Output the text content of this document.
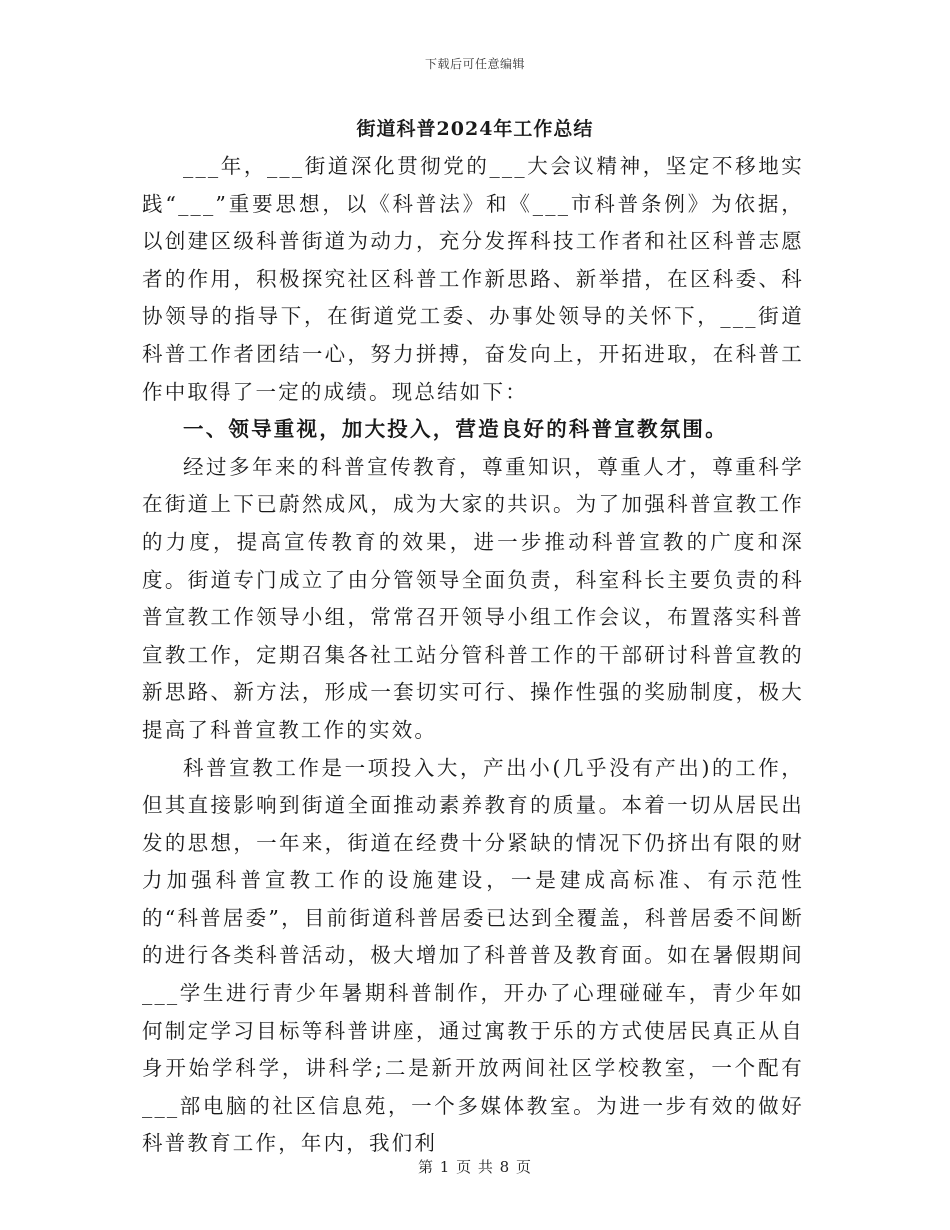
下载后可任意编辑
街道科普2024年工作总结

___年，___街道深化贯彻党的___大会议精神，坚定不移地实践“___”重要思想，以《科普法》和《___市科普条例》为依据，以创建区级科普街道为动力，充分发挥科技工作者和社区科普志愿者的作用，积极探究社区科普工作新思路、新举措，在区科委、科协领导的指导下，在街道党工委、办事处领导的关怀下，___街道科普工作者团结一心，努力拼搏，奋发向上，开拓进取，在科普工作中取得了一定的成绩。现总结如下：

一、领导重视，加大投入，营造良好的科普宣教氛围。

经过多年来的科普宣传教育，尊重知识，尊重人才，尊重科学在街道上下已蔚然成风，成为大家的共识。为了加强科普宣教工作的力度，提高宣传教育的效果，进一步推动科普宣教的广度和深度。街道专门成立了由分管领导全面负责，科室科长主要负责的科普宣教工作领导小组，常常召开领导小组工作会议，布置落实科普宣教工作，定期召集各社工站分管科普工作的干部研讨科普宣教的新思路、新方法，形成一套切实可行、操作性强的奖励制度，极大提高了科普宣教工作的实效。

科普宣教工作是一项投入大，产出小(几乎没有产出)的工作，但其直接影响到街道全面推动素养教育的质量。本着一切从居民出发的思想，一年来，街道在经费十分紧缺的情况下仍挤出有限的财力加强科普宣教工作的设施建设，一是建成高标准、有示范性的“科普居委”，目前街道科普居委已达到全覆盖，科普居委不间断的进行各类科普活动，极大增加了科普普及教育面。如在暑假期间___学生进行青少年暑期科普制作，开办了心理碰碰车，青少年如何制定学习目标等科普讲座，通过寓教于乐的方式使居民真正从自身开始学科学，讲科学;二是新开放两间社区学校教室，一个配有___部电脑的社区信息苑，一个多媒体教室。为进一步有效的做好科普教育工作，年内，我们利

第 1 页 共 8 页
